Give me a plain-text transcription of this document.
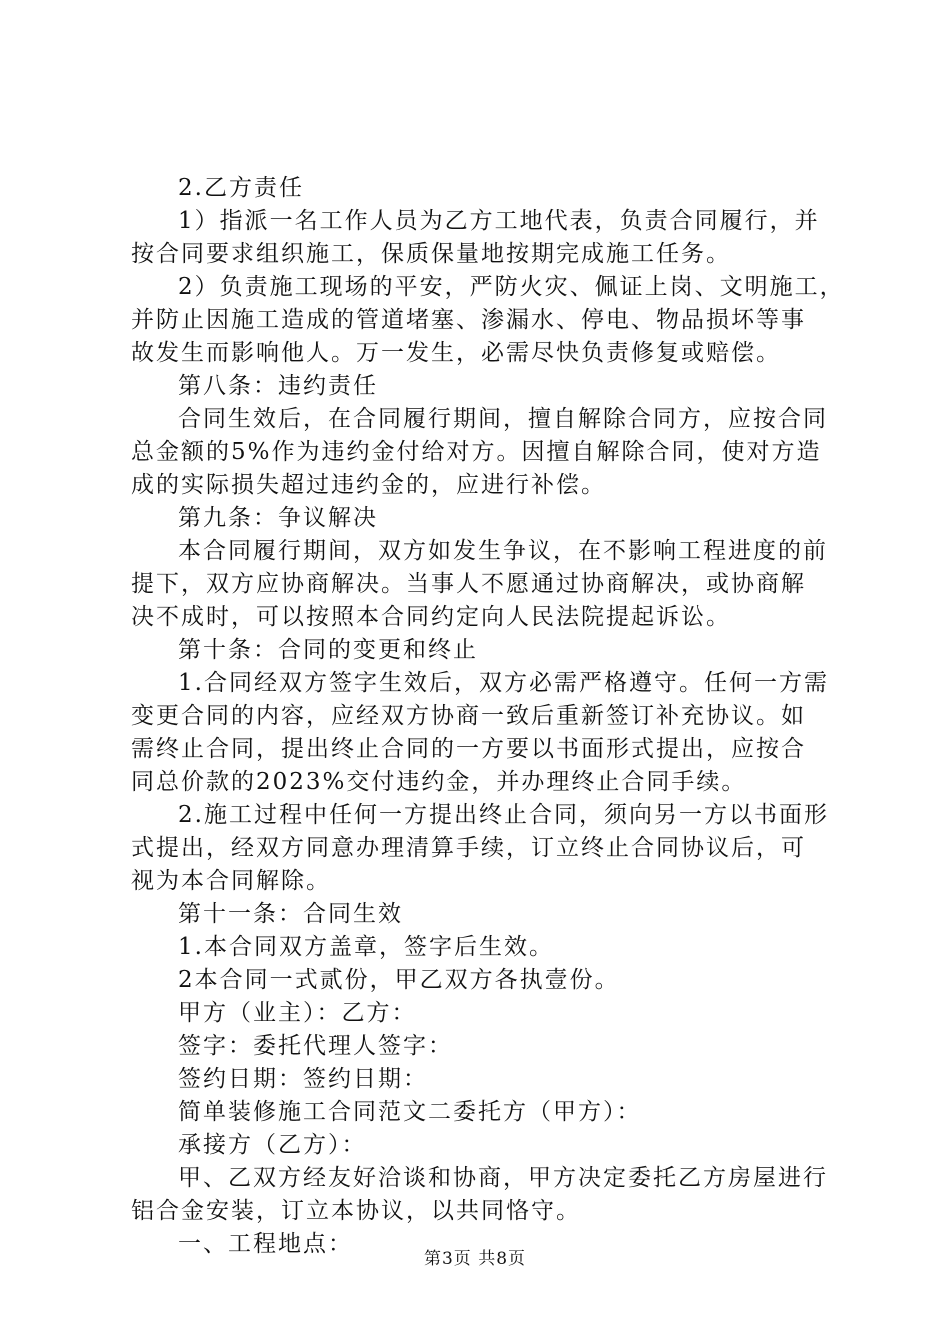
2.乙方责任
1）指派一名工作人员为乙方工地代表，负责合同履行，并
按合同要求组织施工，保质保量地按期完成施工任务。
2）负责施工现场的平安，严防火灾、佩证上岗、文明施工，
并防止因施工造成的管道堵塞、渗漏水、停电、物品损坏等事
故发生而影响他人。万一发生，必需尽快负责修复或赔偿。
第八条：违约责任
合同生效后，在合同履行期间，擅自解除合同方，应按合同
总金额的5%作为违约金付给对方。因擅自解除合同，使对方造
成的实际损失超过违约金的，应进行补偿。
第九条：争议解决
本合同履行期间，双方如发生争议，在不影响工程进度的前
提下，双方应协商解决。当事人不愿通过协商解决，或协商解
决不成时，可以按照本合同约定向人民法院提起诉讼。
第十条：合同的变更和终止
1.合同经双方签字生效后，双方必需严格遵守。任何一方需
变更合同的内容，应经双方协商一致后重新签订补充协议。如
需终止合同，提出终止合同的一方要以书面形式提出，应按合
同总价款的2023%交付违约金，并办理终止合同手续。
2.施工过程中任何一方提出终止合同，须向另一方以书面形
式提出，经双方同意办理清算手续，订立终止合同协议后，可
视为本合同解除。
第十一条：合同生效
1.本合同双方盖章，签字后生效。
2本合同一式贰份，甲乙双方各执壹份。
甲方（业主）：乙方：
签字：委托代理人签字：
签约日期：签约日期：
简单装修施工合同范文二委托方（甲方）：
承接方（乙方）：
甲、乙双方经友好洽谈和协商，甲方决定委托乙方房屋进行
铝合金安装，订立本协议，以共同恪守。
一、工程地点：
第3页 共8页
